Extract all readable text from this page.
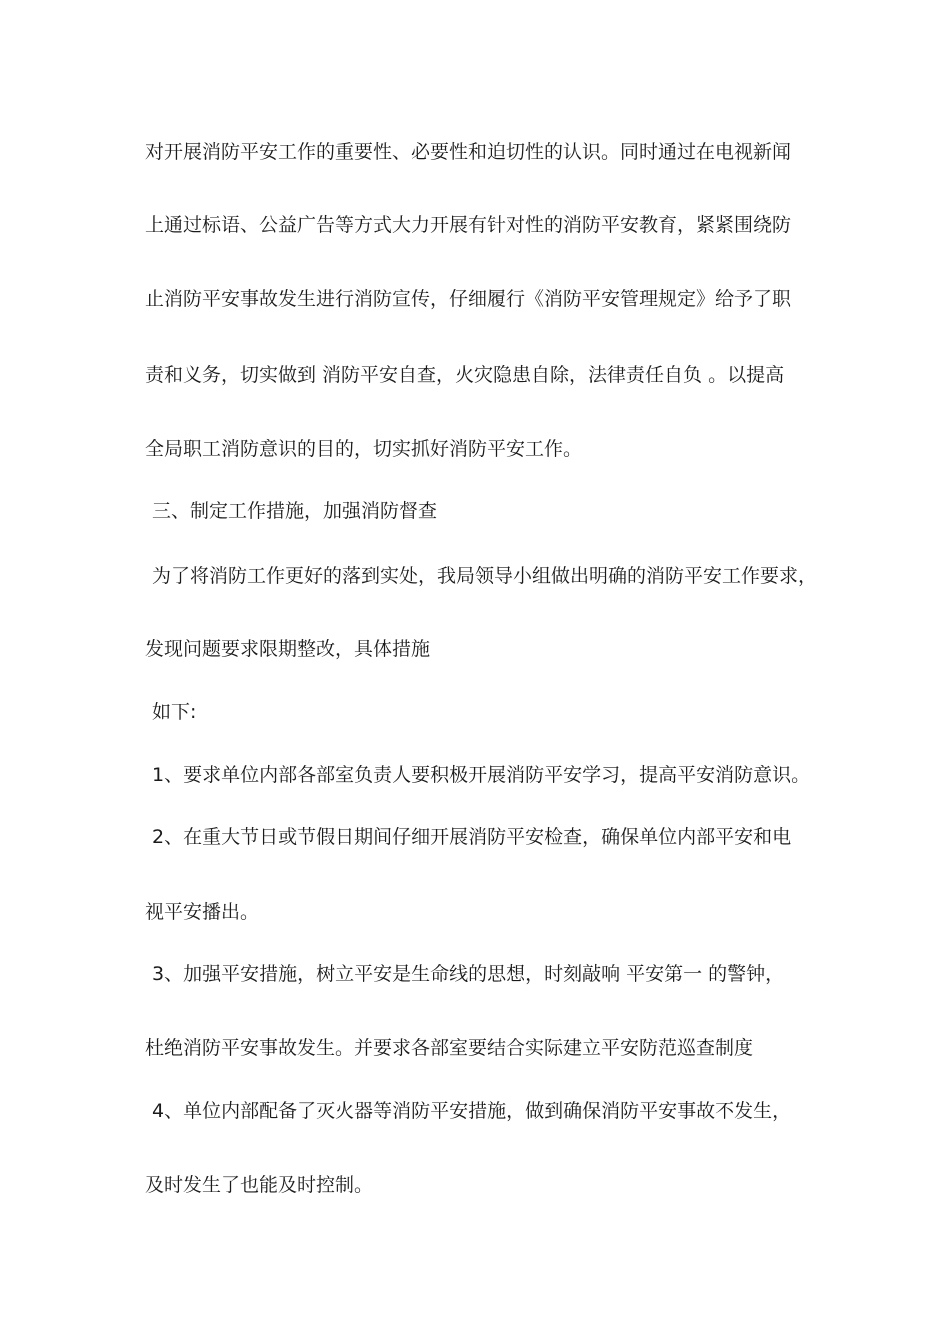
对开展消防平安工作的重要性、必要性和迫切性的认识。同时通过在电视新闻

上通过标语、公益广告等方式大力开展有针对性的消防平安教育，紧紧围绕防

止消防平安事故发生进行消防宣传，仔细履行《消防平安管理规定》给予了职

责和义务，切实做到 消防平安自查，火灾隐患自除，法律责任自负 。以提高

全局职工消防意识的目的，切实抓好消防平安工作。

三、制定工作措施，加强消防督查

为了将消防工作更好的落到实处，我局领导小组做出明确的消防平安工作要求，

发现问题要求限期整改，具体措施

如下:

1、要求单位内部各部室负责人要积极开展消防平安学习，提高平安消防意识。

2、在重大节日或节假日期间仔细开展消防平安检查，确保单位内部平安和电

视平安播出。

3、加强平安措施，树立平安是生命线的思想，时刻敲响 平安第一 的警钟，

杜绝消防平安事故发生。并要求各部室要结合实际建立平安防范巡查制度

4、单位内部配备了灭火器等消防平安措施，做到确保消防平安事故不发生，

及时发生了也能及时控制。
